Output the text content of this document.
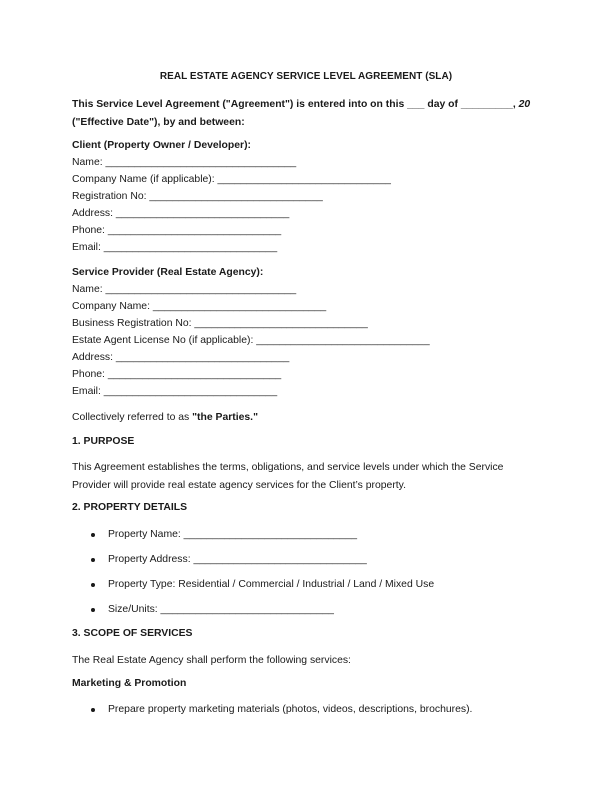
REAL ESTATE AGENCY SERVICE LEVEL AGREEMENT (SLA)
This Service Level Agreement ("Agreement") is entered into on this ___ day of _________, 20
("Effective Date"), by and between:
Client (Property Owner / Developer):
Name: _________________________________
Company Name (if applicable): ______________________________
Registration No: ______________________________
Address: ______________________________
Phone: ______________________________
Email: ______________________________
Service Provider (Real Estate Agency):
Name: _________________________________
Company Name: ______________________________
Business Registration No: ______________________________
Estate Agent License No (if applicable): ______________________________
Address: ______________________________
Phone: ______________________________
Email: ______________________________
Collectively referred to as "the Parties."
1. PURPOSE
This Agreement establishes the terms, obligations, and service levels under which the Service Provider will provide real estate agency services for the Client’s property.
2. PROPERTY DETAILS
Property Name: ______________________________
Property Address: ______________________________
Property Type: Residential / Commercial / Industrial / Land / Mixed Use
Size/Units: ______________________________
3. SCOPE OF SERVICES
The Real Estate Agency shall perform the following services:
Marketing & Promotion
Prepare property marketing materials (photos, videos, descriptions, brochures).
